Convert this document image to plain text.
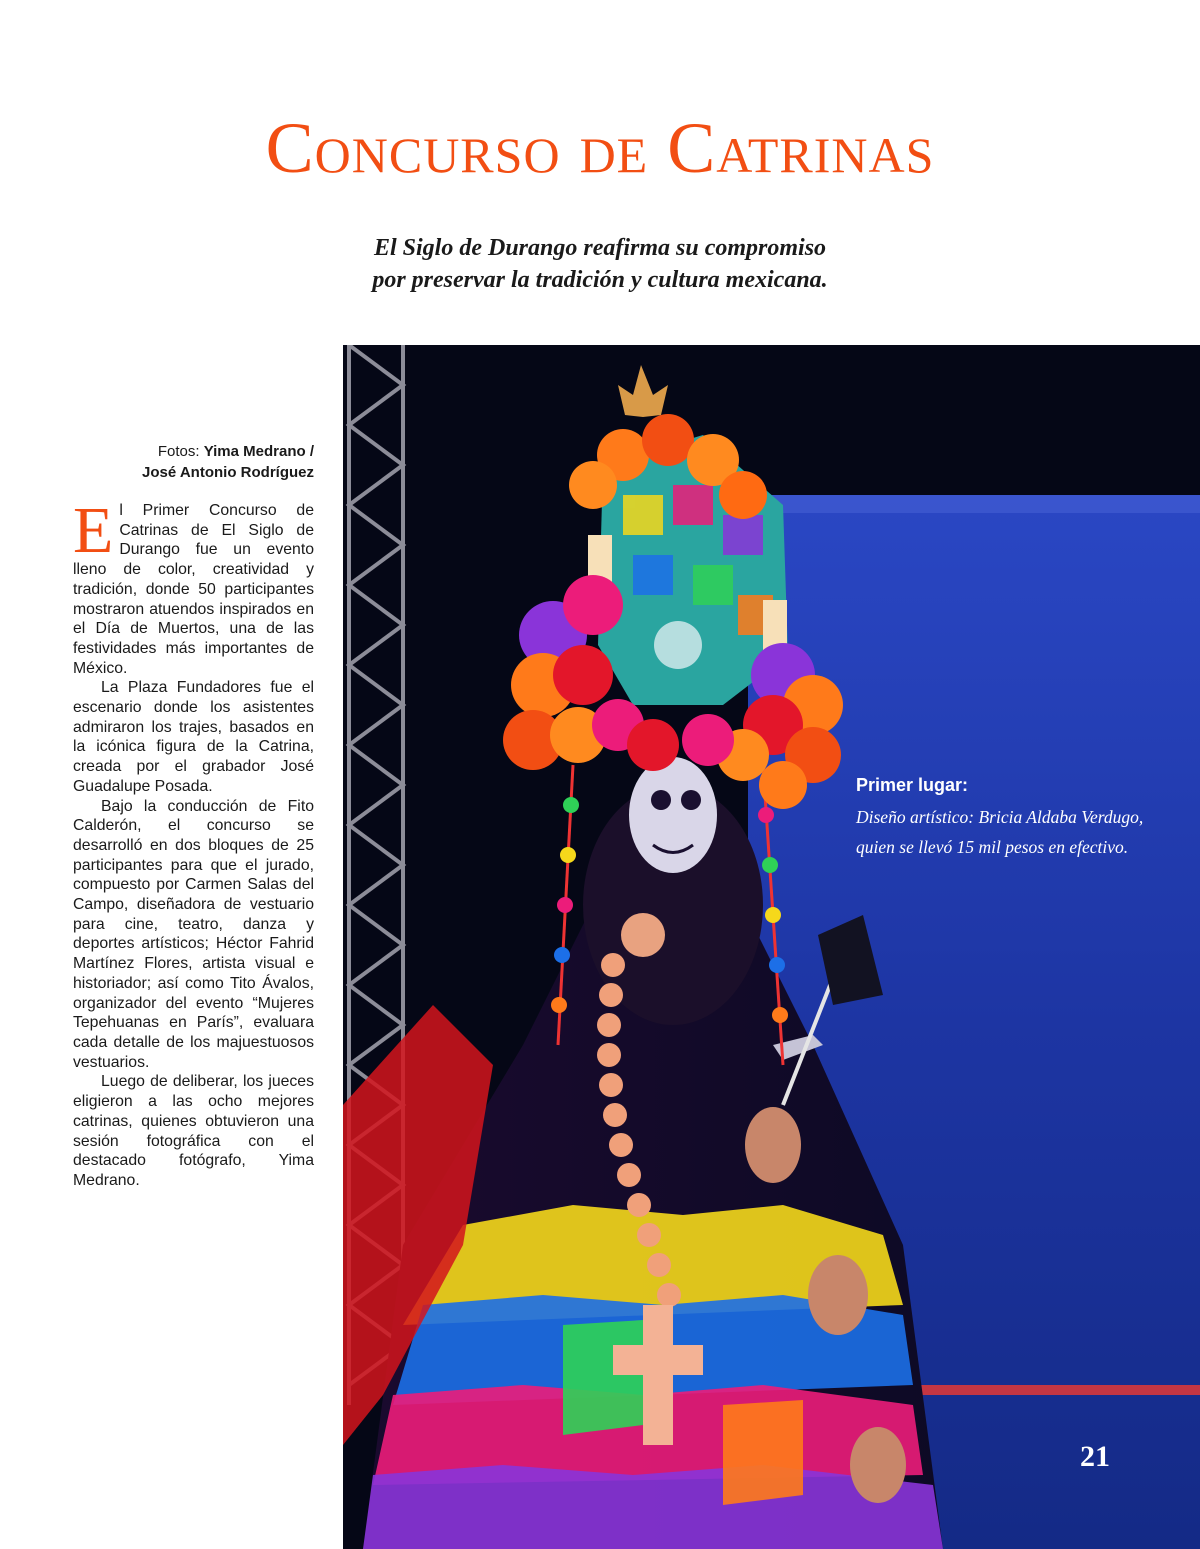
Concurso de Catrinas
El Siglo de Durango reafirma su compromiso
por preservar la tradición y cultura mexicana.
Fotos: Yima Medrano /
José Antonio Rodríguez

El Primer Concurso de Catrinas de El Siglo de Durango fue un evento lleno de color, creatividad y tradición, donde 50 participantes mostraron atuendos inspirados en el Día de Muertos, una de las festividades más importantes de México.

La Plaza Fundadores fue el escenario donde los asistentes admiraron los trajes, basados en la icónica figura de la Catrina, creada por el grabador José Guadalupe Posada.

Bajo la conducción de Fito Calderón, el concurso se desarrolló en dos bloques de 25 participantes para que el jurado, compuesto por Carmen Salas del Campo, diseñadora de vestuario para cine, teatro, danza y deportes artísticos; Héctor Fahrid Martínez Flores, artista visual e historiador; así como Tito Ávalos, organizador del evento “Mujeres Tepehuanas en París”, evaluara cada detalle de los majuestuosos vestuarios.

Luego de deliberar, los jueces eligieron a las ocho mejores catrinas, quienes obtuvieron una sesión fotográfica con el destacado fotógrafo, Yima Medrano.

Primer lugar:
Diseño artístico: Bricia Aldaba Verdugo, quien se llevó 15 mil pesos en efectivo.
21
